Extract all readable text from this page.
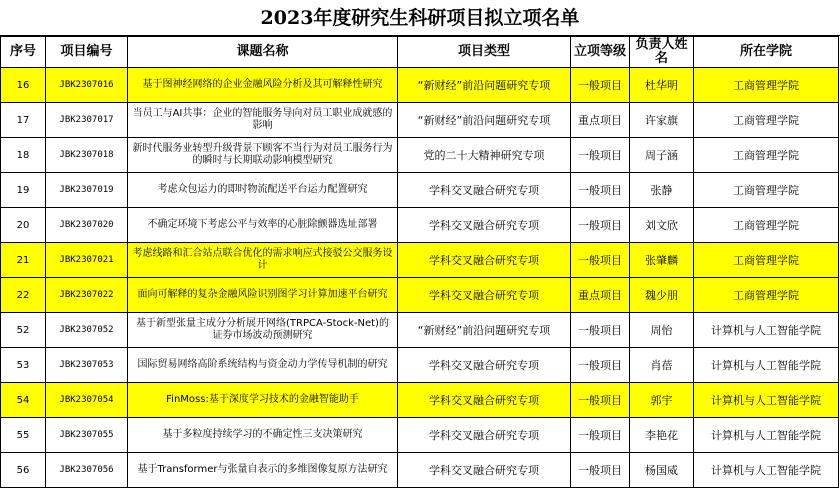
2023年度研究生科研项目拟立项名单
序号	项目编号	课题名称	项目类型	立项等级	负责人姓名	所在学院
16	JBK2307016	基于图神经网络的企业金融风险分析及其可解释性研究	“新财经”前沿问题研究专项	一般项目	杜华明	工商管理学院
17	JBK2307017	当员工与AI共事：企业的智能服务导向对员工职业成就感的影响	“新财经”前沿问题研究专项	重点项目	许家旗	工商管理学院
18	JBK2307018	新时代服务业转型升级背景下顾客不当行为对员工服务行为的瞬时与长期联动影响模型研究	党的二十大精神研究专项	一般项目	周子涵	工商管理学院
19	JBK2307019	考虑众包运力的即时物流配送平台运力配置研究	学科交叉融合研究专项	一般项目	张静	工商管理学院
20	JBK2307020	不确定环境下考虑公平与效率的心脏除颤器选址部署	学科交叉融合研究专项	一般项目	刘文欣	工商管理学院
21	JBK2307021	考虑线路和汇合站点联合优化的需求响应式接驳公交服务设计	学科交叉融合研究专项	一般项目	张肇麟	工商管理学院
22	JBK2307022	面向可解释的复杂金融风险识别图学习计算加速平台研究	学科交叉融合研究专项	重点项目	魏少朋	工商管理学院
52	JBK2307052	基于新型张量主成分分析展开网络(TRPCA-Stock-Net)的证券市场波动预测研究	“新财经”前沿问题研究专项	一般项目	周怡	计算机与人工智能学院
53	JBK2307053	国际贸易网络高阶系统结构与资金动力学传导机制的研究	学科交叉融合研究专项	一般项目	肖蓓	计算机与人工智能学院
54	JBK2307054	FinMoss:基于深度学习技术的金融智能助手	学科交叉融合研究专项	一般项目	郭宇	计算机与人工智能学院
55	JBK2307055	基于多粒度持续学习的不确定性三支决策研究	学科交叉融合研究专项	一般项目	李艳花	计算机与人工智能学院
56	JBK2307056	基于Transformer与张量自表示的多维图像复原方法研究	学科交叉融合研究专项	一般项目	杨国威	计算机与人工智能学院
